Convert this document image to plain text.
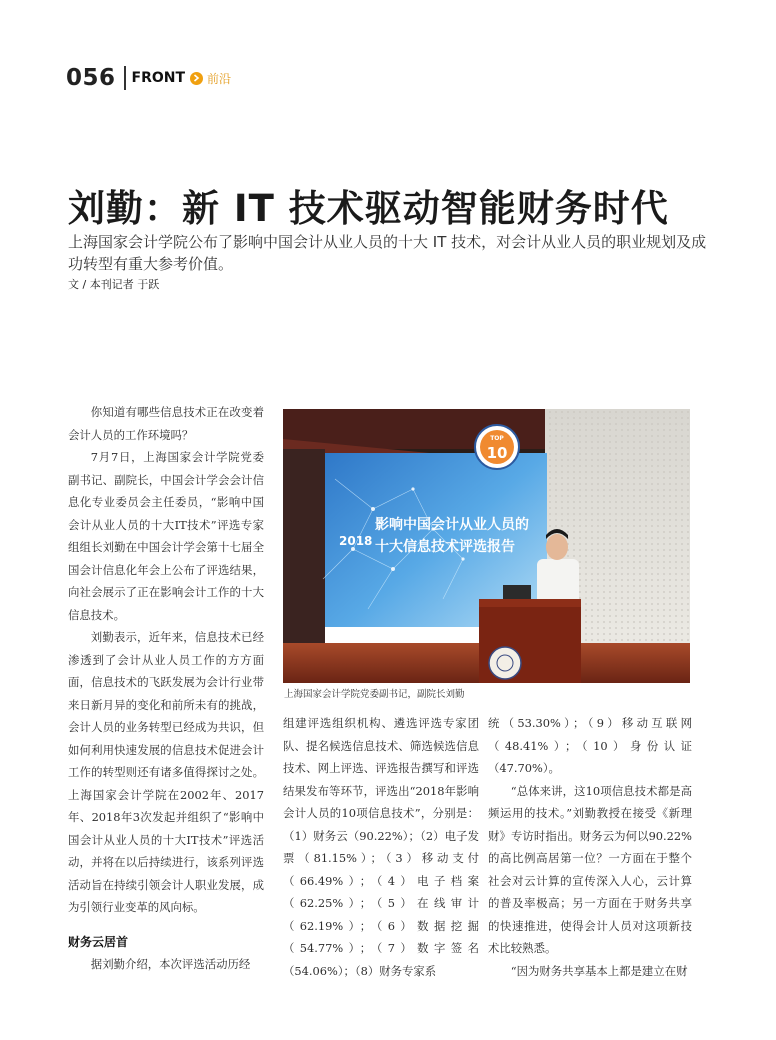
056 FRONT 前沿
刘勤：新 IT 技术驱动智能财务时代
上海国家会计学院公布了影响中国会计从业人员的十大 IT 技术，对会计从业人员的职业规划及成功转型有重大参考价值。
文 / 本刊记者 于跃

你知道有哪些信息技术正在改变着会计人员的工作环境吗？

7月7日，上海国家会计学院党委副书记、副院长，中国会计学会会计信息化专业委员会主任委员，“影响中国会计从业人员的十大IT技术”评选专家组组长刘勤在中国会计学会第十七届全国会计信息化年会上公布了评选结果，向社会展示了正在影响会计工作的十大信息技术。

刘勤表示，近年来，信息技术已经渗透到了会计从业人员工作的方方面面，信息技术的飞跃发展为会计行业带来日新月异的变化和前所未有的挑战，会计人员的业务转型已经成为共识，但如何利用快速发展的信息技术促进会计工作的转型则还有诸多值得探讨之处。上海国家会计学院在2002年、2017年、2018年3次发起并组织了“影响中国会计从业人员的十大IT技术”评选活动，并将在以后持续进行，该系列评选活动旨在持续引领会计人职业发展，成为引领行业变革的风向标。

财务云居首

据刘勤介绍，本次评选活动历经

2018
影响中国会计从业人员的
十大信息技术评选报告
TOP
10
上海国家会计学院党委副书记，副院长刘勤

组建评选组织机构、遴选评选专家团队、提名候选信息技术、筛选候选信息技术、网上评选、评选报告撰写和评选结果发布等环节，评选出“2018年影响会计人员的10项信息技术”，分别是：（1）财务云（90.22%）；（2）电子发票（81.15%）；（3）移动支付（66.49%）；（4）电子档案（62.25%）；（5）在线审计（62.19%）；（6）数据挖掘（54.77%）；（7）数字签名（54.06%）；（8）财务专家系

统（53.30%）；（9）移动互联网（48.41%）；（10）身份认证（47.70%）。

“总体来讲，这10项信息技术都是高频运用的技术。”刘勤教授在接受《新理财》专访时指出。财务云为何以90.22%的高比例高居第一位？一方面在于整个社会对云计算的宣传深入人心，云计算的普及率极高；另一方面在于财务共享的快速推进，使得会计人员对这项新技术比较熟悉。

“因为财务共享基本上都是建立在财
